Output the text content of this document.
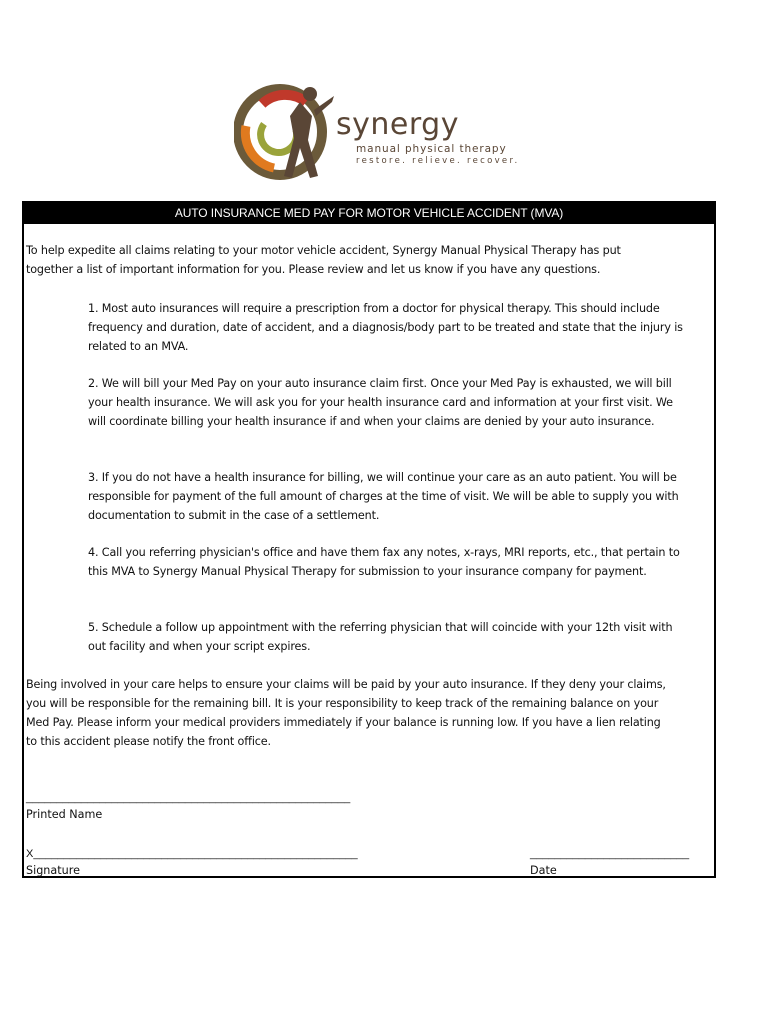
synergy
manual physical therapy
restore. relieve. recover.
AUTO INSURANCE MED PAY FOR MOTOR VEHICLE ACCIDENT (MVA)

To help expedite all claims relating to your motor vehicle accident, Synergy Manual Physical Therapy has put together a list of important information for you. Please review and let us know if you have any questions.

1. Most auto insurances will require a prescription from a doctor for physical therapy. This should include frequency and duration, date of accident, and a diagnosis/body part to be treated and state that the injury is related to an MVA.

2. We will bill your Med Pay on your auto insurance claim first. Once your Med Pay is exhausted, we will bill your health insurance. We will ask you for your health insurance card and information at your first visit. We will coordinate billing your health insurance if and when your claims are denied by your auto insurance.

3. If you do not have a health insurance for billing, we will continue your care as an auto patient. You will be responsible for payment of the full amount of charges at the time of visit. We will be able to supply you with documentation to submit in the case of a settlement.

4. Call you referring physician's office and have them fax any notes, x-rays, MRI reports, etc., that pertain to this MVA to Synergy Manual Physical Therapy for submission to your insurance company for payment.

5. Schedule a follow up appointment with the referring physician that will coincide with your 12th visit with out facility and when your script expires.

Being involved in your care helps to ensure your claims will be paid by your auto insurance. If they deny your claims, you will be responsible for the remaining bill. It is your responsibility to keep track of the remaining balance on your Med Pay. Please inform your medical providers immediately if your balance is running low. If you have a lien relating to this accident please notify the front office.

_____________________________________________________
Printed Name
X_____________________________________________________
Signature
__________________________
Date
